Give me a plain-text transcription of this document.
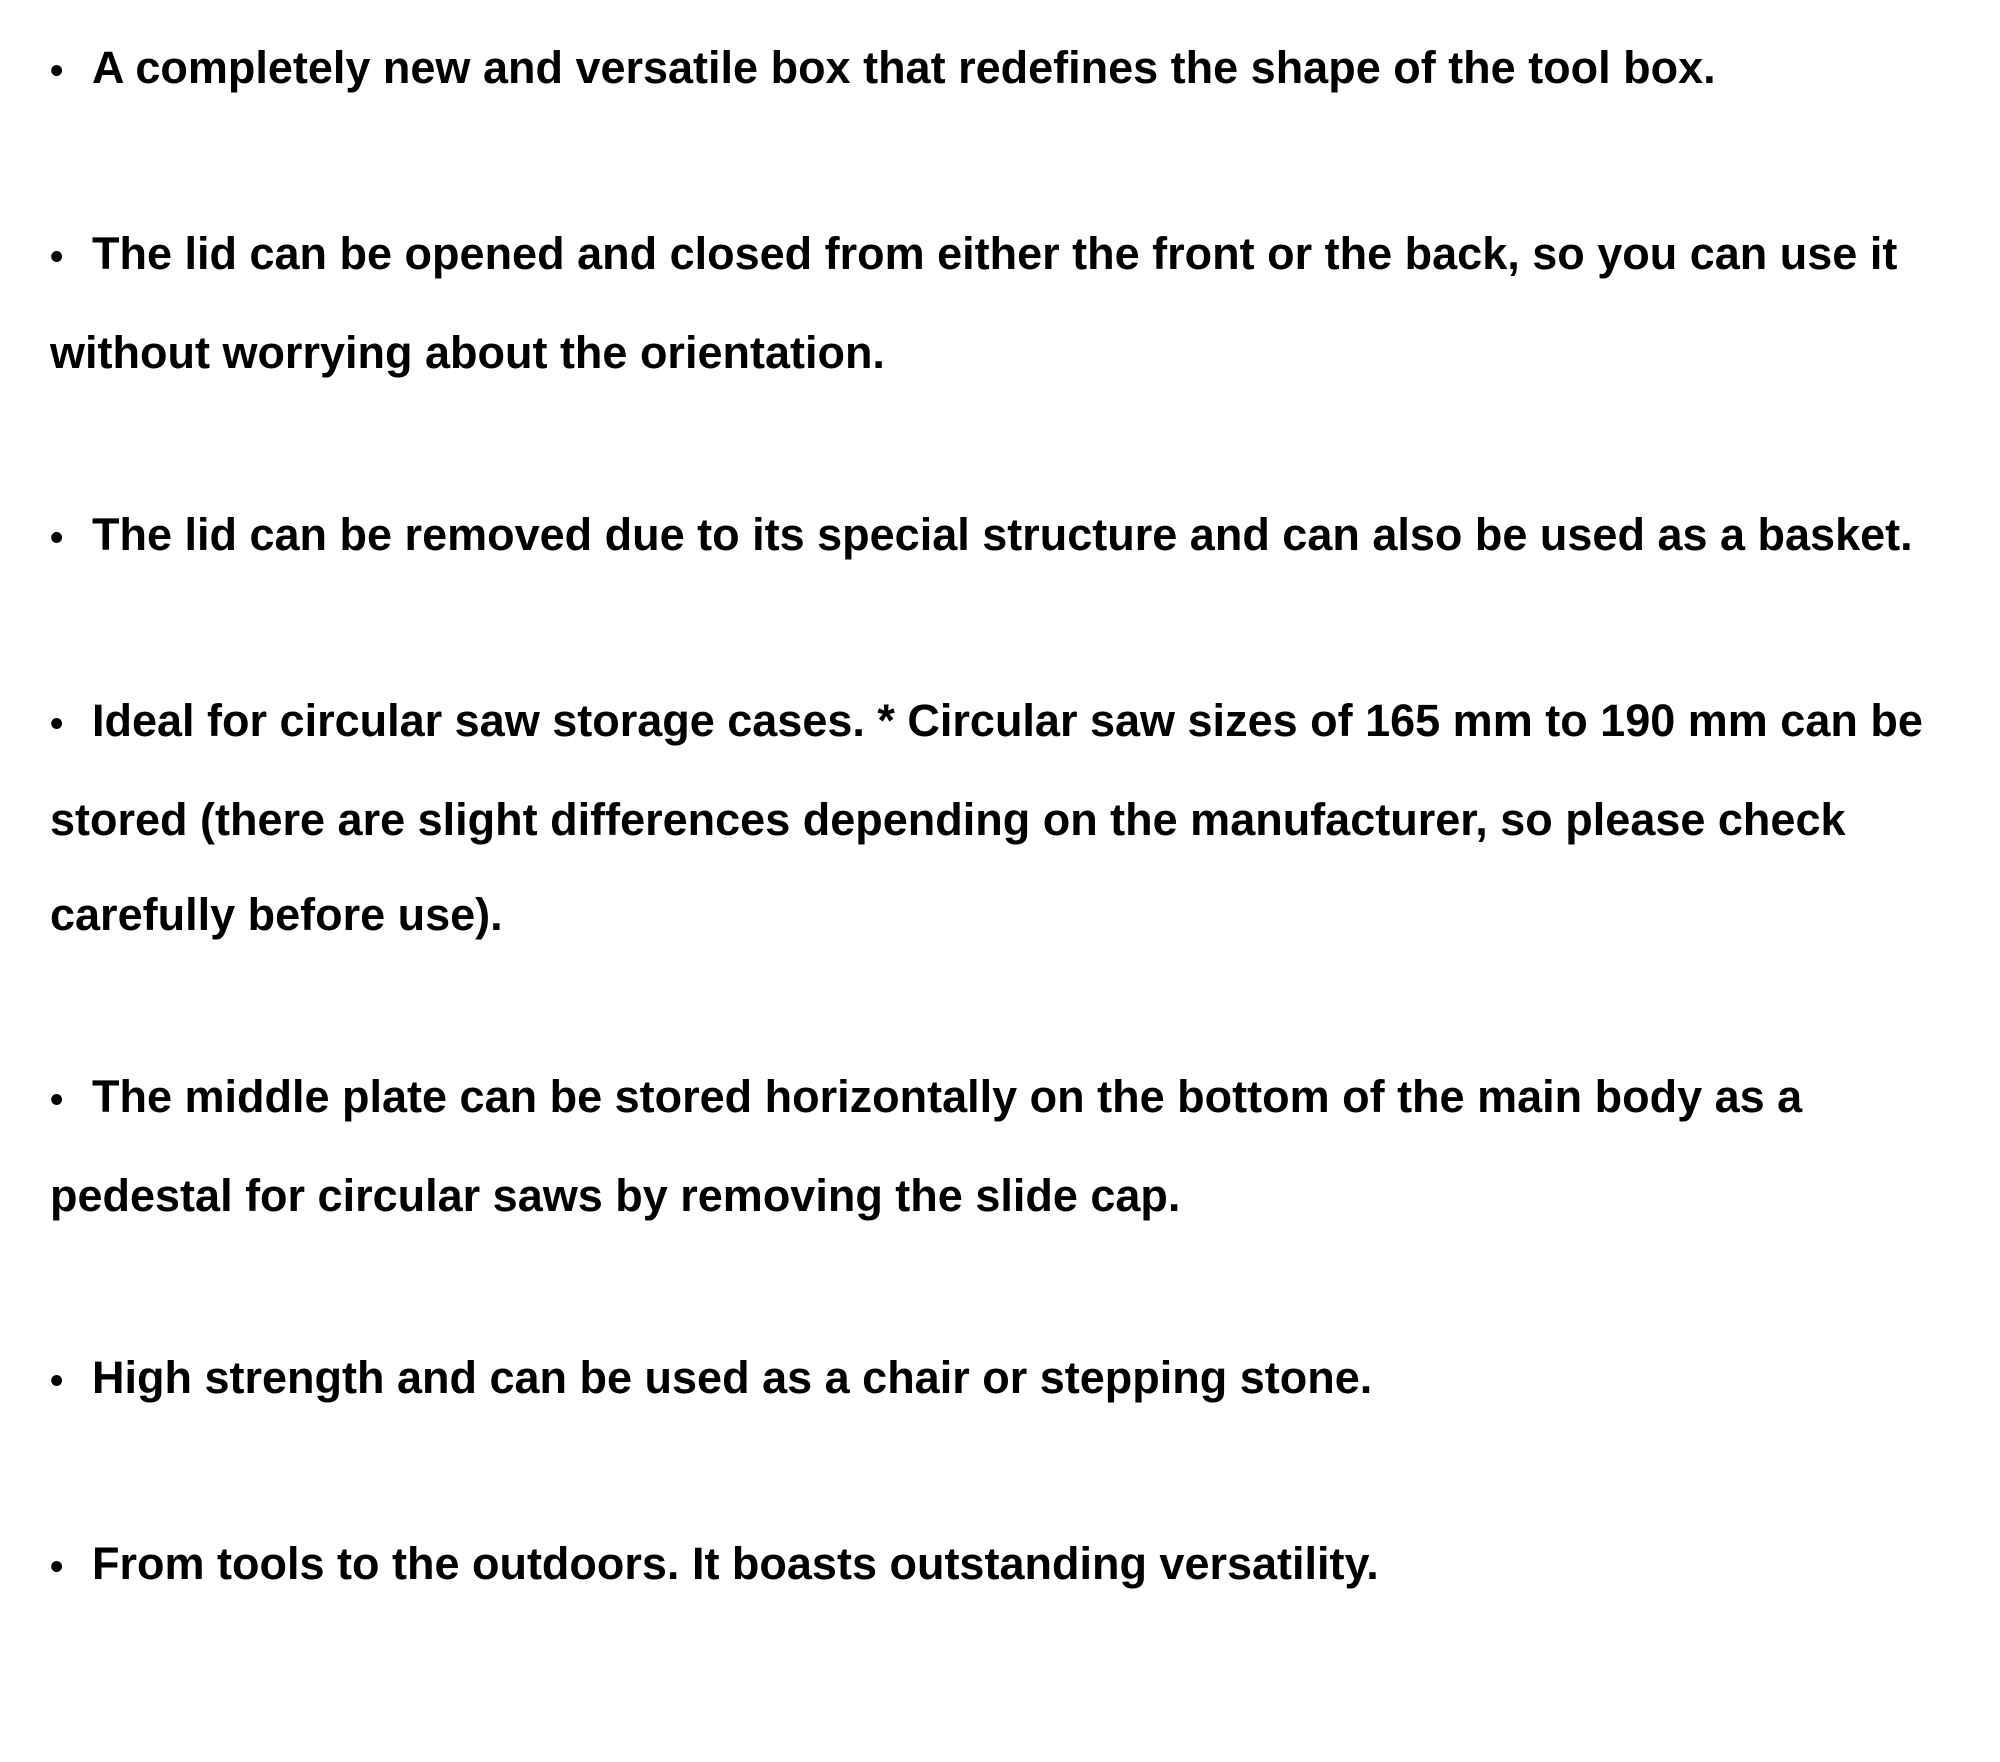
• A completely new and versatile box that redefines the shape of the tool box.
• The lid can be opened and closed from either the front or the back, so you can use it without worrying about the orientation.
• The lid can be removed due to its special structure and can also be used as a basket.
• Ideal for circular saw storage cases. * Circular saw sizes of 165 mm to 190 mm can be stored (there are slight differences depending on the manufacturer, so please check carefully before use).
• The middle plate can be stored horizontally on the bottom of the main body as a pedestal for circular saws by removing the slide cap.
• High strength and can be used as a chair or stepping stone.
• From tools to the outdoors. It boasts outstanding versatility.
